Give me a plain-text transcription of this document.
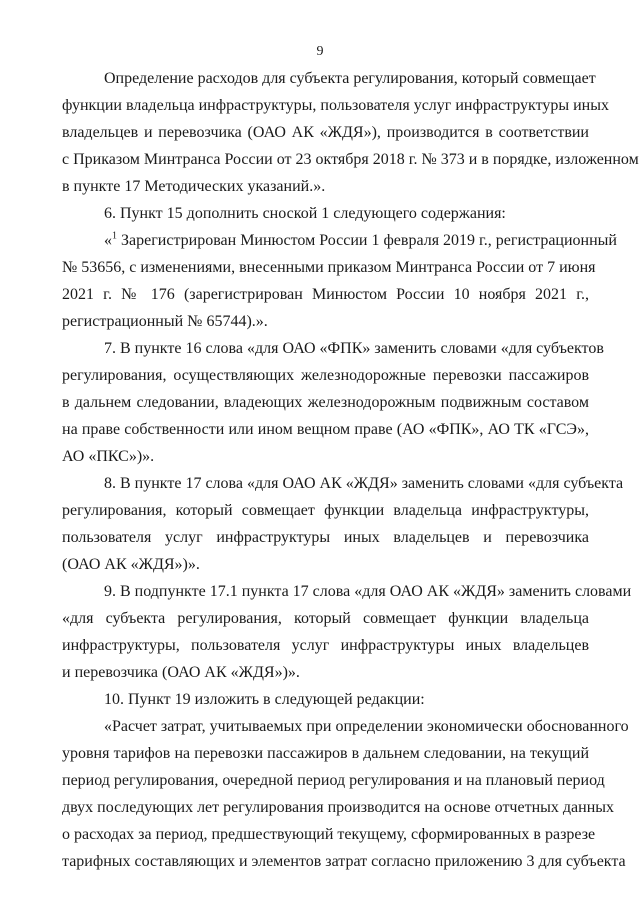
9
Определение расходов для субъекта регулирования, который совмещает
функции владельца инфраструктуры, пользователя услуг инфраструктуры иных
владельцев и перевозчика (ОАО АК «ЖДЯ»), производится в соответствии
с Приказом Минтранса России от 23 октября 2018 г. № 373 и в порядке, изложенном
в пункте 17 Методических указаний.».
6. Пункт 15 дополнить сноской 1 следующего содержания:
«$^1$ Зарегистрирован Минюстом России 1 февраля 2019 г., регистрационный
№ 53656, с изменениями, внесенными приказом Минтранса России от 7 июня
2021 г. № 176 (зарегистрирован Минюстом России 10 ноября 2021 г.,
регистрационный № 65744).».
7. В пункте 16 слова «для ОАО «ФПК» заменить словами «для субъектов
регулирования, осуществляющих железнодорожные перевозки пассажиров
в дальнем следовании, владеющих железнодорожным подвижным составом
на праве собственности или ином вещном праве (АО «ФПК», АО ТК «ГСЭ»,
АО «ПКС»)».
8. В пункте 17 слова «для ОАО АК «ЖДЯ» заменить словами «для субъекта
регулирования, который совмещает функции владельца инфраструктуры,
пользователя услуг инфраструктуры иных владельцев и перевозчика
(ОАО АК «ЖДЯ»)».
9. В подпункте 17.1 пункта 17 слова «для ОАО АК «ЖДЯ» заменить словами
«для субъекта регулирования, который совмещает функции владельца
инфраструктуры, пользователя услуг инфраструктуры иных владельцев
и перевозчика (ОАО АК «ЖДЯ»)».
10. Пункт 19 изложить в следующей редакции:
«Расчет затрат, учитываемых при определении экономически обоснованного
уровня тарифов на перевозки пассажиров в дальнем следовании, на текущий
период регулирования, очередной период регулирования и на плановый период
двух последующих лет регулирования производится на основе отчетных данных
о расходах за период, предшествующий текущему, сформированных в разрезе
тарифных составляющих и элементов затрат согласно приложению 3 для субъекта
